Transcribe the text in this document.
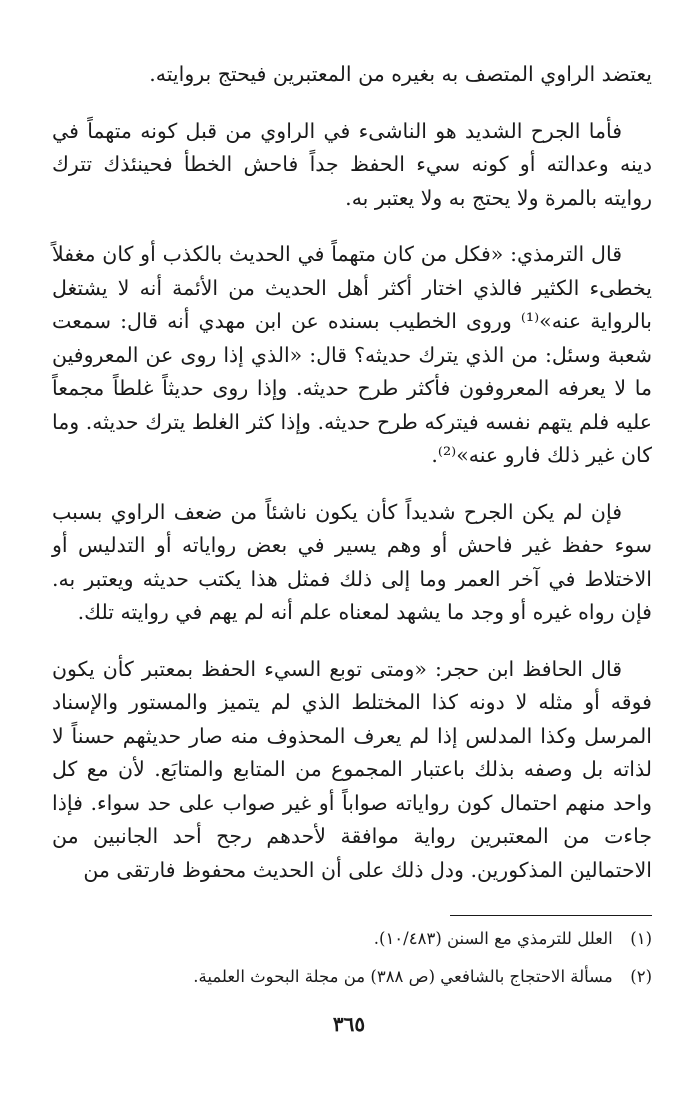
يعتضد الراوي المتصف به بغيره من المعتبرين فيحتج بروايته.

فأما الجرح الشديد هو الناشىء في الراوي من قبل كونه متهماً في دينه وعدالته أو كونه سيء الحفظ جداً فاحش الخطأ فحينئذك تترك روايته بالمرة ولا يحتج به ولا يعتبر به.

قال الترمذي: «فكل من كان متهماً في الحديث بالكذب أو كان مغفلاً يخطىء الكثير فالذي اختار أكثر أهل الحديث من الأئمة أنه لا يشتغل بالرواية عنه»⁽¹⁾ وروى الخطيب بسنده عن ابن مهدي أنه قال: سمعت شعبة وسئل: من الذي يترك حديثه؟ قال: «الذي إذا روى عن المعروفين ما لا يعرفه المعروفون فأكثر طرح حديثه. وإذا روى حديثاً غلطاً مجمعاً عليه فلم يتهم نفسه فيتركه طرح حديثه. وإذا كثر الغلط يترك حديثه. وما كان غير ذلك فارو عنه»⁽²⁾.

فإن لم يكن الجرح شديداً كأن يكون ناشئاً من ضعف الراوي بسبب سوء حفظ غير فاحش أو وهم يسير في بعض رواياته أو التدليس أو الاختلاط في آخر العمر وما إلى ذلك فمثل هذا يكتب حديثه ويعتبر به. فإن رواه غيره أو وجد ما يشهد لمعناه علم أنه لم يهم في روايته تلك.

قال الحافظ ابن حجر: «ومتى توبع السيء الحفظ بمعتبر كأن يكون فوقه أو مثله لا دونه كذا المختلط الذي لم يتميز والمستور والإسناد المرسل وكذا المدلس إذا لم يعرف المحذوف منه صار حديثهم حسناً لا لذاته بل وصفه بذلك باعتبار المجموع من المتابع والمتابَع. لأن مع كل واحد منهم احتمال كون رواياته صواباً أو غير صواب على حد سواء. فإذا جاءت من المعتبرين رواية موافقة لأحدهم رجح أحد الجانبين من الاحتمالين المذكورين. ودل ذلك على أن الحديث محفوظ فارتقى من

(١) العلل للترمذي مع السنن (١٠/٤٨٣).
(٢) مسألة الاحتجاج بالشافعي (ص ٣٨٨) من مجلة البحوث العلمية.
٣٦٥
